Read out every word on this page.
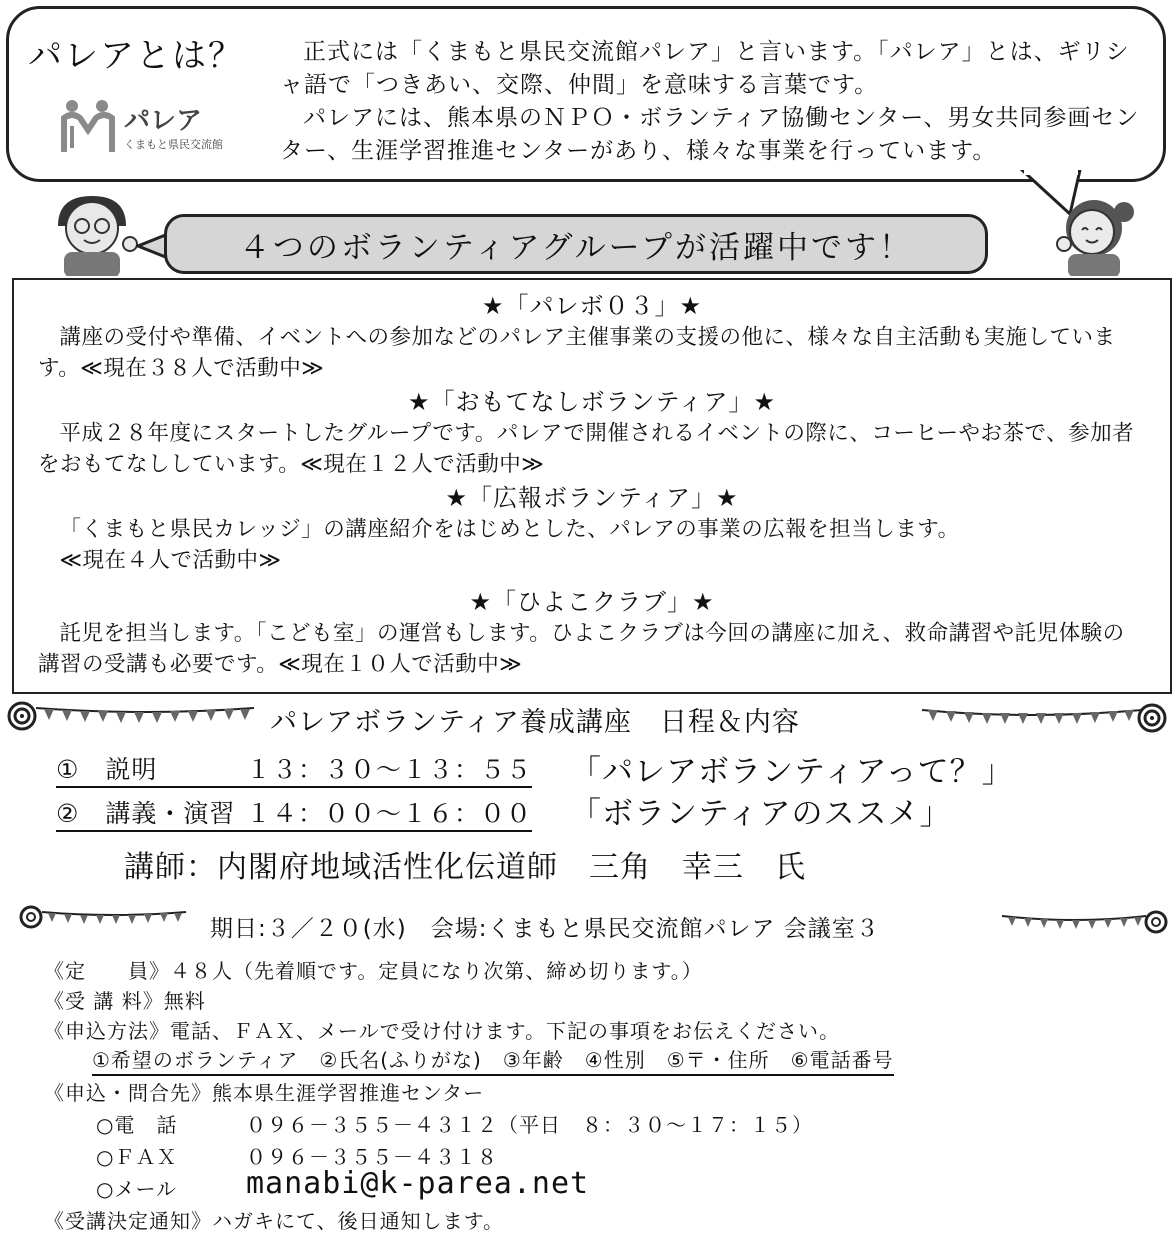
パレアとは？
パレア
くまもと県民交流館

正式には「くまもと県民交流館パレア」と言います。「パレア」とは、ギリシャ語で「つきあい、交際、仲間」を意味する言葉です。

パレアには、熊本県のＮＰＯ・ボランティア協働センター、男女共同参画センター、生涯学習推進センターがあり、様々な事業を行っています。

４つのボランティアグループが活躍中です！
★「パレボ０３」★
講座の受付や準備、イベントへの参加などのパレア主催事業の支援の他に、様々な自主活動も実施しています。≪現在３８人で活動中≫
★「おもてなしボランティア」★
平成２８年度にスタートしたグループです。パレアで開催されるイベントの際に、コーヒーやお茶で、参加者をおもてなししています。≪現在１２人で活動中≫
★「広報ボランティア」★
「くまもと県民カレッジ」の講座紹介をはじめとした、パレアの事業の広報を担当します。
≪現在４人で活動中≫
★「ひよこクラブ」★
託児を担当します。「こども室」の運営もします。ひよこクラブは今回の講座に加え、救命講習や託児体験の講習の受講も必要です。≪現在１０人で活動中≫
パレアボランティア養成講座　日程＆内容
①　説明	１３：３０～１３：５５ 「パレアボランティアって？」
②　講義・演習 １４：００～１６：００ 「ボランティアのススメ」
講師：内閣府地域活性化伝道師　三角　幸三　氏
期日:３／２０(水)　会場:くまもと県民交流館パレア 会議室３
《定　　員》４８人（先着順です。定員になり次第、締め切ります。）
《受 講 料》無料
《申込方法》電話、ＦＡＸ、メールで受け付けます。下記の事項をお伝えください。
①希望のボランティア　②氏名(ふりがな)　③年齢　④性別　⑤〒・住所　⑥電話番号
《申込・問合先》熊本県生涯学習推進センター
○電　話	０９６－３５５－４３１２（平日　８：３０～１７：１５）
○ＦＡＸ	０９６－３５５－４３１８
○メール manabi@k-parea.net
《受講決定通知》ハガキにて、後日通知します。
